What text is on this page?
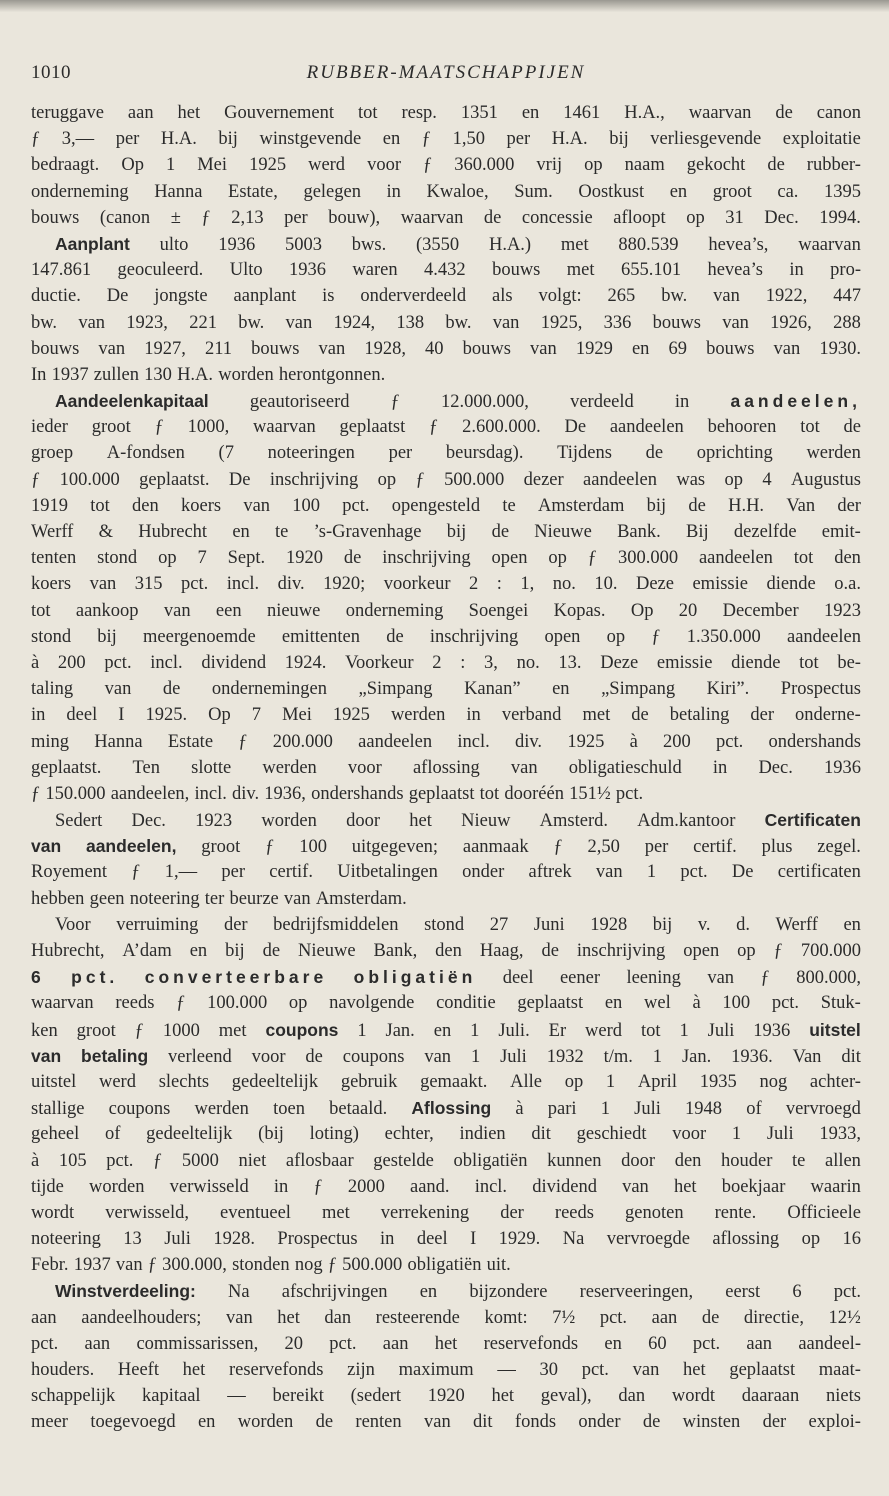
1010	RUBBER-MAATSCHAPPIJEN
teruggave aan het Gouvernement tot resp. 1351 en 1461 H.A., waarvan de canon
ƒ 3,— per H.A. bij winstgevende en ƒ 1,50 per H.A. bij verliesgevende exploitatie
bedraagt. Op 1 Mei 1925 werd voor ƒ 360.000 vrij op naam gekocht de rubber-
onderneming Hanna Estate, gelegen in Kwaloe, Sum. Oostkust en groot ca. 1395
bouws (canon ± ƒ 2,13 per bouw), waarvan de concessie afloopt op 31 Dec. 1994.
Aanplant ulto 1936 5003 bws. (3550 H.A.) met 880.539 hevea’s, waarvan
147.861 geoculeerd. Ulto 1936 waren 4.432 bouws met 655.101 hevea’s in pro-
ductie. De jongste aanplant is onderverdeeld als volgt: 265 bw. van 1922, 447
bw. van 1923, 221 bw. van 1924, 138 bw. van 1925, 336 bouws van 1926, 288
bouws van 1927, 211 bouws van 1928, 40 bouws van 1929 en 69 bouws van 1930.
In 1937 zullen 130 H.A. worden herontgonnen.
Aandeelenkapitaal geautoriseerd ƒ 12.000.000, verdeeld in aandeelen,
ieder groot ƒ 1000, waarvan geplaatst ƒ 2.600.000. De aandeelen behooren tot de
groep A-fondsen (7 noteeringen per beursdag). Tijdens de oprichting werden
ƒ 100.000 geplaatst. De inschrijving op ƒ 500.000 dezer aandeelen was op 4 Augustus
1919 tot den koers van 100 pct. opengesteld te Amsterdam bij de H.H. Van der
Werff & Hubrecht en te ’s-Gravenhage bij de Nieuwe Bank. Bij dezelfde emit-
tenten stond op 7 Sept. 1920 de inschrijving open op ƒ 300.000 aandeelen tot den
koers van 315 pct. incl. div. 1920; voorkeur 2 : 1, no. 10. Deze emissie diende o.a.
tot aankoop van een nieuwe onderneming Soengei Kopas. Op 20 December 1923
stond bij meergenoemde emittenten de inschrijving open op ƒ 1.350.000 aandeelen
à 200 pct. incl. dividend 1924. Voorkeur 2 : 3, no. 13. Deze emissie diende tot be-
taling van de ondernemingen „Simpang Kanan” en „Simpang Kiri”. Prospectus
in deel I 1925. Op 7 Mei 1925 werden in verband met de betaling der onderne-
ming Hanna Estate ƒ 200.000 aandeelen incl. div. 1925 à 200 pct. ondershands
geplaatst. Ten slotte werden voor aflossing van obligatieschuld in Dec. 1936
ƒ 150.000 aandeelen, incl. div. 1936, ondershands geplaatst tot dooréén 151½ pct.
Sedert Dec. 1923 worden door het Nieuw Amsterd. Adm.kantoor Certificaten
van aandeelen, groot ƒ 100 uitgegeven; aanmaak ƒ 2,50 per certif. plus zegel.
Royement ƒ 1,— per certif. Uitbetalingen onder aftrek van 1 pct. De certificaten
hebben geen noteering ter beurze van Amsterdam.
Voor verruiming der bedrijfsmiddelen stond 27 Juni 1928 bij v. d. Werff en
Hubrecht, A’dam en bij de Nieuwe Bank, den Haag, de inschrijving open op ƒ 700.000
6 pct. converteerbare obligatiën deel eener leening van ƒ 800.000,
waarvan reeds ƒ 100.000 op navolgende conditie geplaatst en wel à 100 pct. Stuk-
ken groot ƒ 1000 met coupons 1 Jan. en 1 Juli. Er werd tot 1 Juli 1936 uitstel
van betaling verleend voor de coupons van 1 Juli 1932 t/m. 1 Jan. 1936. Van dit
uitstel werd slechts gedeeltelijk gebruik gemaakt. Alle op 1 April 1935 nog achter-
stallige coupons werden toen betaald. Aflossing à pari 1 Juli 1948 of vervroegd
geheel of gedeeltelijk (bij loting) echter, indien dit geschiedt voor 1 Juli 1933,
à 105 pct. ƒ 5000 niet aflosbaar gestelde obligatiën kunnen door den houder te allen
tijde worden verwisseld in ƒ 2000 aand. incl. dividend van het boekjaar waarin
wordt verwisseld, eventueel met verrekening der reeds genoten rente. Officieele
noteering 13 Juli 1928. Prospectus in deel I 1929. Na vervroegde aflossing op 16
Febr. 1937 van ƒ 300.000, stonden nog ƒ 500.000 obligatiën uit.
Winstverdeeling: Na afschrijvingen en bijzondere reserveeringen, eerst 6 pct.
aan aandeelhouders; van het dan resteerende komt: 7½ pct. aan de directie, 12½
pct. aan commissarissen, 20 pct. aan het reservefonds en 60 pct. aan aandeel-
houders. Heeft het reservefonds zijn maximum — 30 pct. van het geplaatst maat-
schappelijk kapitaal — bereikt (sedert 1920 het geval), dan wordt daaraan niets
meer toegevoegd en worden de renten van dit fonds onder de winsten der exploi-
